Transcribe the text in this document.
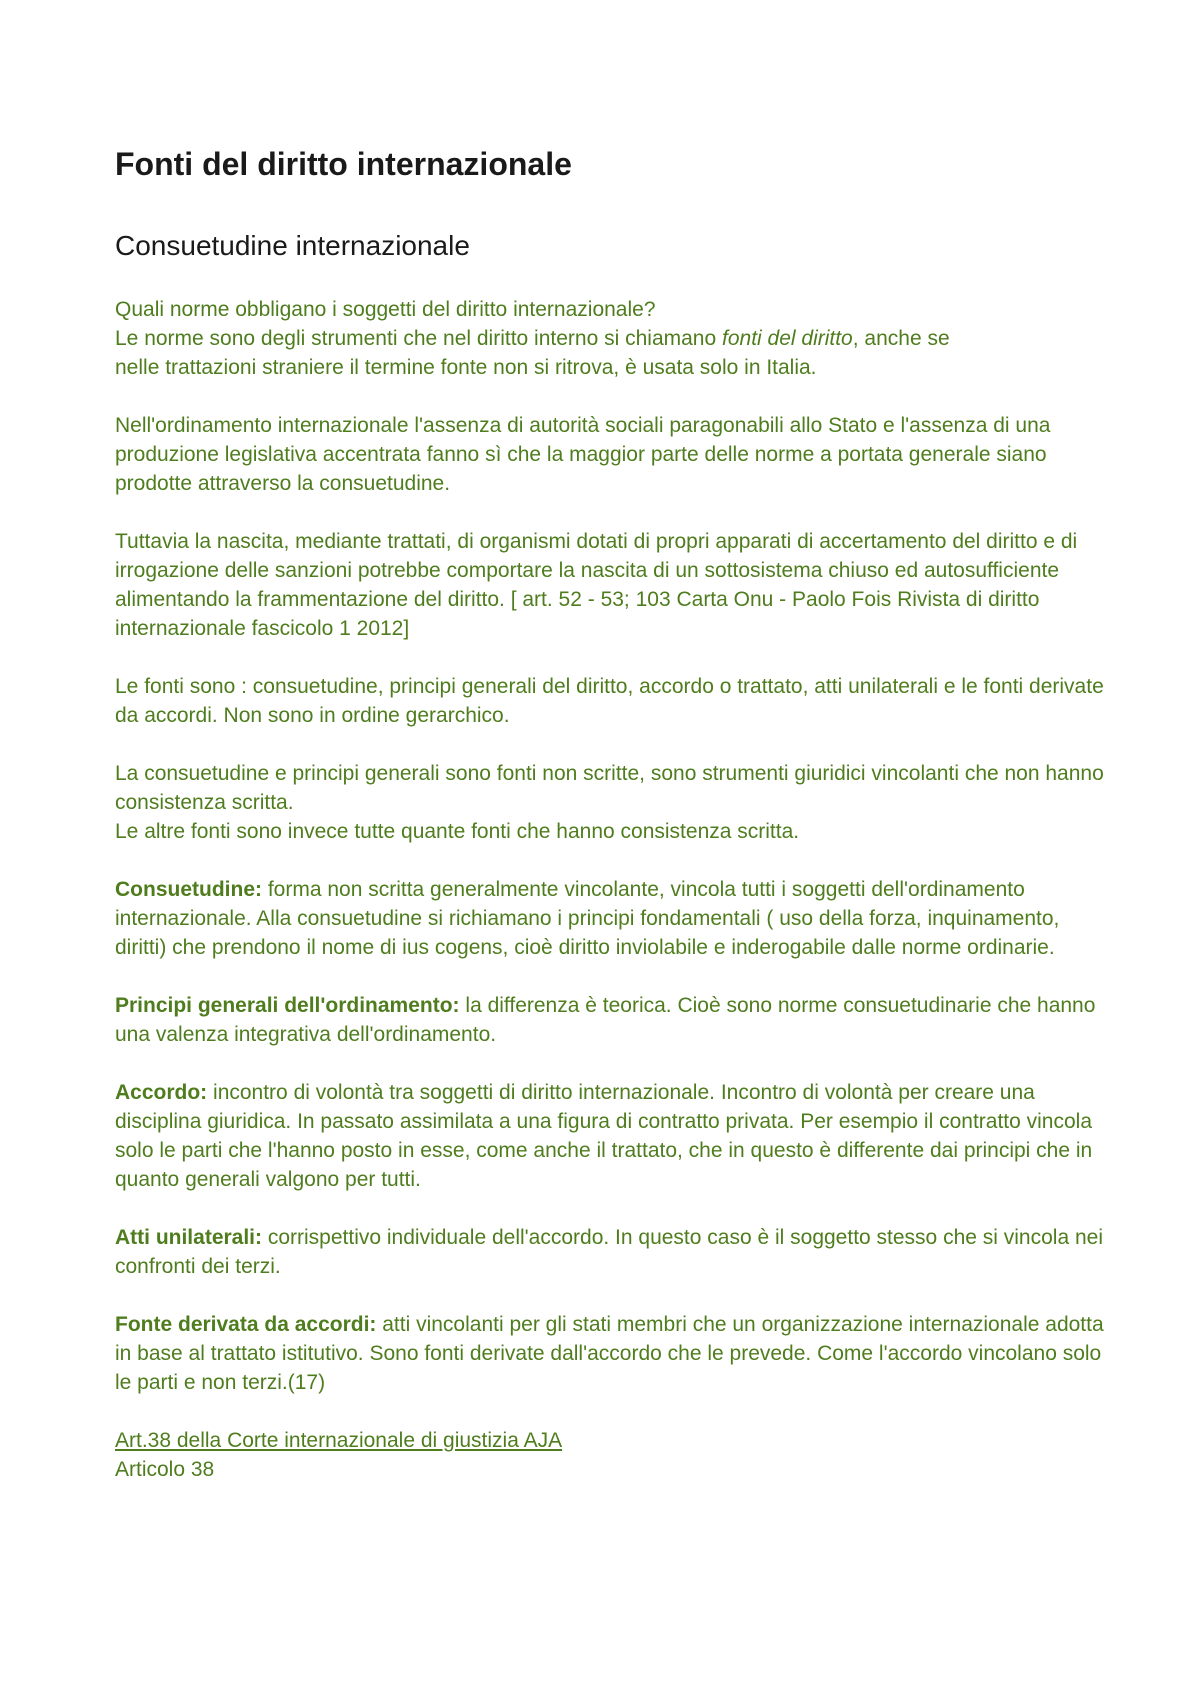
Fonti del diritto internazionale
Consuetudine internazionale
Quali norme obbligano i soggetti del diritto internazionale?
Le norme sono degli strumenti che nel diritto interno si chiamano fonti del diritto, anche se
nelle trattazioni straniere il termine fonte non si ritrova, è usata solo in Italia.
Nell'ordinamento internazionale l'assenza di autorità sociali paragonabili allo Stato e l'assenza di una produzione legislativa accentrata fanno sì che la maggior parte delle norme a portata generale siano prodotte attraverso la consuetudine.
Tuttavia la nascita, mediante trattati, di organismi dotati di propri apparati di accertamento del diritto e di irrogazione delle sanzioni potrebbe comportare la nascita di un sottosistema chiuso ed autosufficiente alimentando la frammentazione del diritto. [ art. 52 - 53; 103 Carta Onu - Paolo Fois Rivista di diritto internazionale fascicolo 1 2012]
Le fonti sono : consuetudine, principi generali del diritto, accordo o trattato, atti unilaterali e le fonti derivate da accordi. Non sono in ordine gerarchico.
La consuetudine e principi generali sono fonti non scritte, sono strumenti giuridici vincolanti che non hanno consistenza scritta.
Le altre fonti sono invece tutte quante fonti che hanno consistenza scritta.
Consuetudine: forma non scritta generalmente vincolante, vincola tutti i soggetti dell'ordinamento internazionale. Alla consuetudine si richiamano i principi fondamentali ( uso della forza, inquinamento, diritti) che prendono il nome di ius cogens, cioè diritto inviolabile e inderogabile dalle norme ordinarie.
Principi generali dell'ordinamento: la differenza è teorica. Cioè sono norme consuetudinarie che hanno una valenza integrativa dell'ordinamento.
Accordo: incontro di volontà tra soggetti di diritto internazionale. Incontro di volontà per creare una disciplina giuridica. In passato assimilata a una figura di contratto privata. Per esempio il contratto vincola solo le parti che l'hanno posto in esse, come anche il trattato, che in questo è differente dai principi che in quanto generali valgono per tutti.
Atti unilaterali: corrispettivo individuale dell'accordo. In questo caso è il soggetto stesso che si vincola nei confronti dei terzi.
Fonte derivata da accordi: atti vincolanti per gli stati membri che un organizzazione internazionale adotta in base al trattato istitutivo. Sono fonti derivate dall'accordo che le prevede. Come l'accordo vincolano solo le parti e non terzi.(17)
Art.38 della Corte internazionale di giustizia AJA
Articolo 38
